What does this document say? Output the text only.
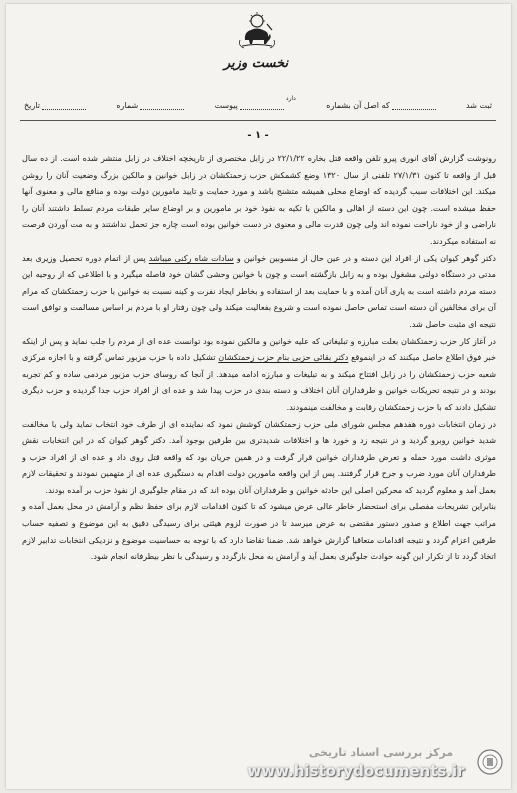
نخست وزیر
تاریخ	شماره	پیوست
دارد
که اصل آن بشماره	ثبت شد
- ۱ -

رونوشت گزارش آقای انوری پیرو تلفن واقعه قتل بخاره ۲۲/۱/۲۲ در زابل مختصری از تاریخچه اختلاف در زابل منتشر شده است. از ده سال قبل از واقعه تا کنون ۲۷/۱/۳۱ تلفنی از سال ۱۳۲۰ وضع کشمکش حزب زحمتکشان در زابل خوانین و مالکین بزرگ وضعیت آنان را روشن میکند. این اختلافات سبب گردیده که اوضاع محلی همیشه متشنج باشد و مورد حمایت و تایید مامورین دولت بوده و منافع مالی و معنوی آنها حفظ میشده است. چون این دسته از اهالی و مالکین با تکیه به نفوذ خود بر مامورین و بر اوضاع سایر طبقات مردم تسلط داشتند آنان را ناراضی و از خود ناراحت نموده اند ولی چون قدرت مالی و معنوی در دست خوانین بوده است چاره جز تحمل نداشتند و به مت آوردن فرصت نه استفاده میکردند.

دکتر گوهر کیوان یکی از افراد این دسته و در عین حال از منسوبین خوانین و سادات شاه رکنی میباشد پس از اتمام دوره تحصیل وزیری بعد مدتی در دستگاه دولتی مشغول بوده و به زابل بازگشته است و چون با خوانین وحشی گشان خود فاصله میگیرد و با اطلاعی که از روحیه این دسته مردم داشته است به یاری آنان آمده و با حمایت بعد از استفاده و بخاطر ایجاد نفرت و کینه نسبت به خوانین با حزب زحمتکشان که مرام آن برای مخالفین آن دسته است تماس حاصل نموده است و شروع بفعالیت میکند ولی چون رفتار او با مردم بر اساس مسالمت و توافق است نتیجه ای مثبت حاصل شد.

در آغاز کار حزب زحمتکشان بعلت مبارزه و تبلیغاتی که علیه خوانین و مالکین نموده بود توانست عده ای از مردم را جلب نماید و پس از اینکه خبر فوق اطلاع حاصل میکنند که در اینموقع دکتر بقائی حزبی بنام حزب زحمتکشان تشکیل داده با حزب مزبور تماس گرفته و با اجازه مرکزی شعبه حزب زحمتکشان را در زابل افتتاح میکند و به تبلیغات و مبارزه ادامه میدهد. از آنجا که روسای حزب مزبور مردمی ساده و کم تجربه بودند و در نتیجه تحریکات خوانین و طرفداران آنان اختلاف و دسته بندی در حزب پیدا شد و عده ای از افراد حزب جدا گردیده و حزب دیگری تشکیل دادند که با حزب زحمتکشان رقابت و مخالفت مینمودند.

در زمان انتخابات دوره هفدهم مجلس شورای ملی حزب زحمتکشان کوشش نمود که نماینده ای از طرف خود انتخاب نماید ولی با مخالفت شدید خوانین روبرو گردید و در نتیجه زد و خورد ها و اختلافات شدیدتری بین طرفین بوجود آمد. دکتر گوهر کیوان که در این انتخابات نقش موثری داشت مورد حمله و تعرض طرفداران خوانین قرار گرفت و در همین جریان بود که واقعه قتل روی داد و عده ای از افراد حزب و طرفداران آنان مورد ضرب و جرح قرار گرفتند. پس از این واقعه مامورین دولت اقدام به دستگیری عده ای از متهمین نمودند و تحقیقات لازم بعمل آمد و معلوم گردید که محرکین اصلی این حادثه خوانین و طرفداران آنان بوده اند که در مقام جلوگیری از نفوذ حزب بر آمده بودند.

بنابراین تشریحات مفصلی برای استحضار خاطر عالی عرض میشود که تا کنون اقدامات لازم برای حفظ نظم و آرامش در محل بعمل آمده و مراتب جهت اطلاع و صدور دستور مقتضی به عرض میرسد تا در صورت لزوم هیئتی برای رسیدگی دقیق به این موضوع و تصفیه حساب طرفین اعزام گردد و نتیجه اقدامات متعاقبا گزارش خواهد شد. ضمنا تقاضا دارد که با توجه به حساسیت موضوع و نزدیکی انتخابات تدابیر لازم اتخاذ گردد تا از تکرار این گونه حوادث جلوگیری بعمل آید و آرامش به محل بازگردد و رسیدگی با نظر بیطرفانه انجام شود.

مرکز بررسی اسناد تاریخی
www.historydocuments.ir
